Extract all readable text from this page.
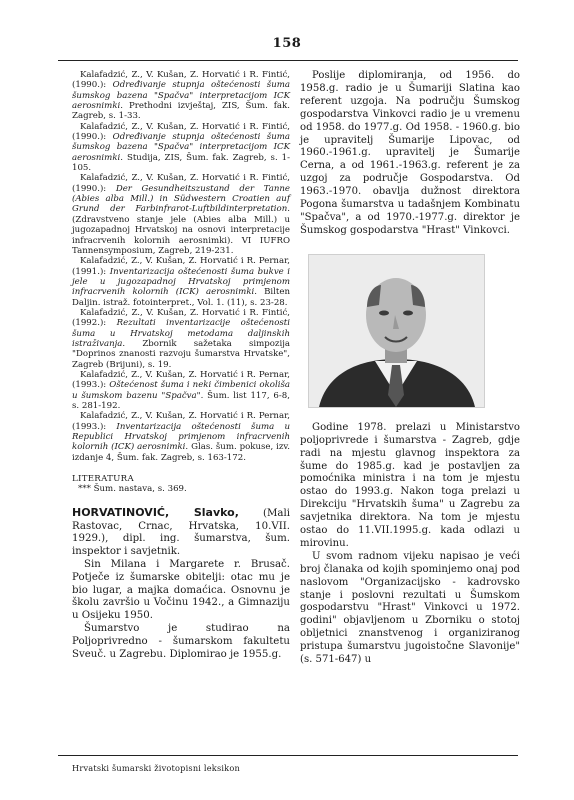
158

Kalafadzić, Z., V. Kušan, Z. Horvatić i R. Fintić, (1990.): Određivanje stupnja oštećenosti šuma šumskog bazena "Spačva" interpretacijom ICK aerosnimki. Prethodni izvještaj, ZIS, Šum. fak. Zagreb, s. 1-33.

Kalafadzić, Z., V. Kušan, Z. Horvatić i R. Fintić, (1990.): Određivanje stupnja oštećenosti šuma šumskog bazena "Spačva" interpretacijom ICK aerosnimki. Studija, ZIS, Šum. fak. Zagreb, s. 1-105.

Kalafadzić, Z., V. Kušan, Z. Horvatić i R. Fintić, (1990.): Der Gesundheitszustand der Tanne (Abies alba Mill.) in Südwestern Croatien auf Grund der Farbinfrarot-Luftbildinterpretation. (Zdravstveno stanje jele (Abies alba Mill.) u jugozapadnoj Hrvatskoj na osnovi interpretacije infracrvenih kolornih aerosnimki). VI IUFRO Tannensymposium, Zagreb, 219-231.

Kalafadzić, Z., V. Kušan, Z. Horvatić i R. Pernar, (1991.): Inventarizacija oštećenosti šuma bukve i jele u jugozapadnoj Hrvatskoj primjenom infracrvenih kolornih (ICK) aerosnimki. Bilten Daljin. istraž. fotointerpret., Vol. 1. (11), s. 23-28.

Kalafadzić, Z., V. Kušan, Z. Horvatić i R. Fintić, (1992.): Rezultati inventarizacije oštećenosti šuma u Hrvatskoj metodama daljinskih istraživanja. Zbornik sažetaka simpozija "Doprinos znanosti razvoju šumarstva Hrvatske", Zagreb (Brijuni), s. 19.

Kalafadzić, Z., V. Kušan, Z. Horvatić i R. Pernar, (1993.): Oštećenost šuma i neki čimbenici okoliša u šumskom bazenu "Spačva". Šum. list 117, 6-8, s. 281-192.

Kalafadzić, Z., V. Kušan, Z. Horvatić i R. Pernar, (1993.): Inventarizacija oštećenosti šuma u Republici Hrvatskoj primjenom infracrvenih kolornih (ICK) aerosnimki. Glas. šum. pokuse, izv. izdanje 4, Šum. fak. Zagreb, s. 163-172.

LITERATURA

*** Šum. nastava, s. 369.

HORVATINOVIĆ, Slavko, (Mali Rastovac, Crnac, Hrvatska, 10.VII. 1929.), dipl. ing. šumarstva, šum. inspektor i savjetnik.

Sin Milana i Margarete r. Brusač. Potječe iz šumarske obitelji: otac mu je bio lugar, a majka domaćica. Osnovnu je školu završio u Vočinu 1942., a Gimnaziju u Osijeku 1950.

Šumarstvo je studirao na Poljoprivredno - šumarskom fakultetu Sveuč. u Zagrebu. Diplomirao je 1955.g.

Poslije diplomiranja, od 1956. do 1958.g. radio je u Šumariji Slatina kao referent uzgoja. Na području Šumskog gospodarstva Vinkovci radio je u vremenu od 1958. do 1977.g. Od 1958. - 1960.g. bio je upravitelj Šumarije Lipovac, od 1960.-1961.g. upravitelj je Šumarije Cerna, a od 1961.-1963.g. referent je za uzgoj za područje Gospodarstva. Od 1963.-1970. obavlja dužnost direktora Pogona šumarstva u tadašnjem Kombinatu "Spačva", a od 1970.-1977.g. direktor je Šumskog gospodarstva "Hrast" Vinkovci.

Godine 1978. prelazi u Ministarstvo poljoprivrede i šumarstva - Zagreb, gdje radi na mjestu glavnog inspektora za šume do 1985.g. kad je postavljen za pomoćnika ministra i na tom je mjestu ostao do 1993.g. Nakon toga prelazi u Direkciju "Hrvatskih šuma" u Zagrebu za savjetnika direktora. Na tom je mjestu ostao do 11.VII.1995.g. kada odlazi u mirovinu.

U svom radnom vijeku napisao je veći broj članaka od kojih spominjemo onaj pod naslovom "Organizacijsko - kadrovsko stanje i poslovni rezultati u Šumskom gospodarstvu "Hrast" Vinkovci u 1972. godini" objavljenom u Zborniku o stotoj obljetnici znanstvenog i organiziranog pristupa šumarstvu jugoistočne Slavonije" (s. 571-647) u

Hrvatski šumarski životopisni leksikon
